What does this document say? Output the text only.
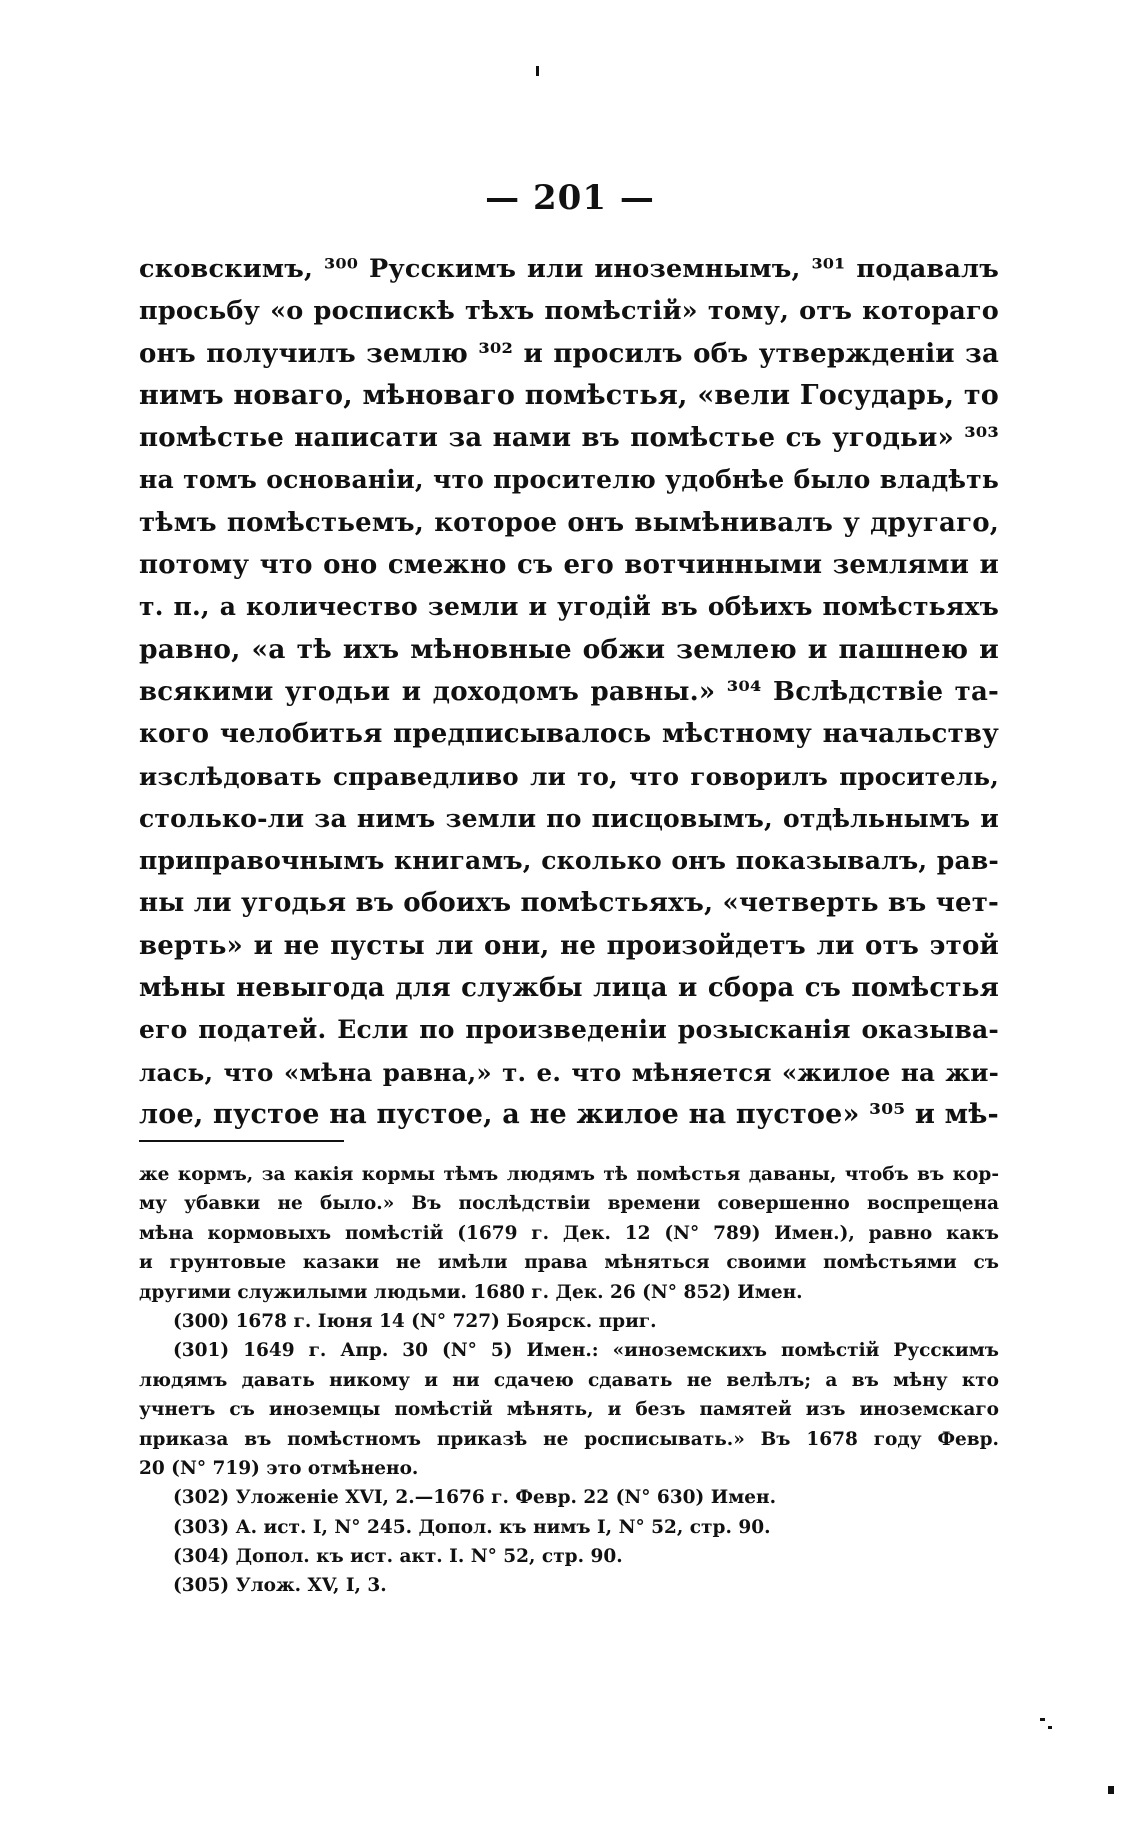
— 201 —
сковскимъ, ³⁰⁰ Русскимъ или иноземнымъ, ³⁰¹ подавалъ
просьбу «о роспискѣ тѣхъ помѣстій» тому, отъ котораго
онъ получилъ землю ³⁰² и просилъ объ утвержденіи за
нимъ новаго, мѣноваго помѣстья, «вели Государь, то
помѣстье написати за нами въ помѣстье съ угодьи» ³⁰³
на томъ основаніи, что просителю удобнѣе было владѣть
тѣмъ помѣстьемъ, которое онъ вымѣнивалъ у другаго,
потому что оно смежно съ его вотчинными землями и
т. п., а количество земли и угодій въ обѣихъ помѣстьяхъ
равно, «а тѣ ихъ мѣновные обжи землею и пашнею и
всякими угодьи и доходомъ равны.» ³⁰⁴ Вслѣдствіе та-
кого челобитья предписывалось мѣстному начальству
изслѣдовать справедливо ли то, что говорилъ проситель,
столько-ли за нимъ земли по писцовымъ, отдѣльнымъ и
приправочнымъ книгамъ, сколько онъ показывалъ, рав-
ны ли угодья въ обоихъ помѣстьяхъ, «четверть въ чет-
верть» и не пусты ли они, не произойдетъ ли отъ этой
мѣны невыгода для службы лица и сбора съ помѣстья
его податей. Если по произведеніи розысканія оказыва-
лась, что «мѣна равна,» т. е. что мѣняется «жилое на жи-
лое, пустое на пустое, а не жилое на пустое» ³⁰⁵ и мѣ-
же кормъ, за какія кормы тѣмъ людямъ тѣ помѣстья даваны, чтобъ въ кор-
му убавки не было.» Въ послѣдствіи времени совершенно воспрещена
мѣна кормовыхъ помѣстій (1679 г. Дек. 12 (N° 789) Имен.), равно какъ
и грунтовые казаки не имѣли права мѣняться своими помѣстьями съ
другими служилыми людьми. 1680 г. Дек. 26 (N° 852) Имен.
(300) 1678 г. Іюня 14 (N° 727) Боярск. приг.
(301) 1649 г. Апр. 30 (N° 5) Имен.: «иноземскихъ помѣстій Русскимъ
людямъ давать никому и ни сдачею сдавать не велѣлъ; а въ мѣну кто
учнетъ съ иноземцы помѣстій мѣнять, и безъ памятей изъ иноземскаго
приказа въ помѣстномъ приказѣ не росписывать.» Въ 1678 году Февр.
20 (N° 719) это отмѣнено.
(302) Уложеніе XVI, 2.—1676 г. Февр. 22 (N° 630) Имен.
(303) А. ист. I, N° 245. Допол. къ нимъ I, N° 52, стр. 90.
(304) Допол. къ ист. акт. I. N° 52, стр. 90.
(305) Улож. XV, I, 3.
